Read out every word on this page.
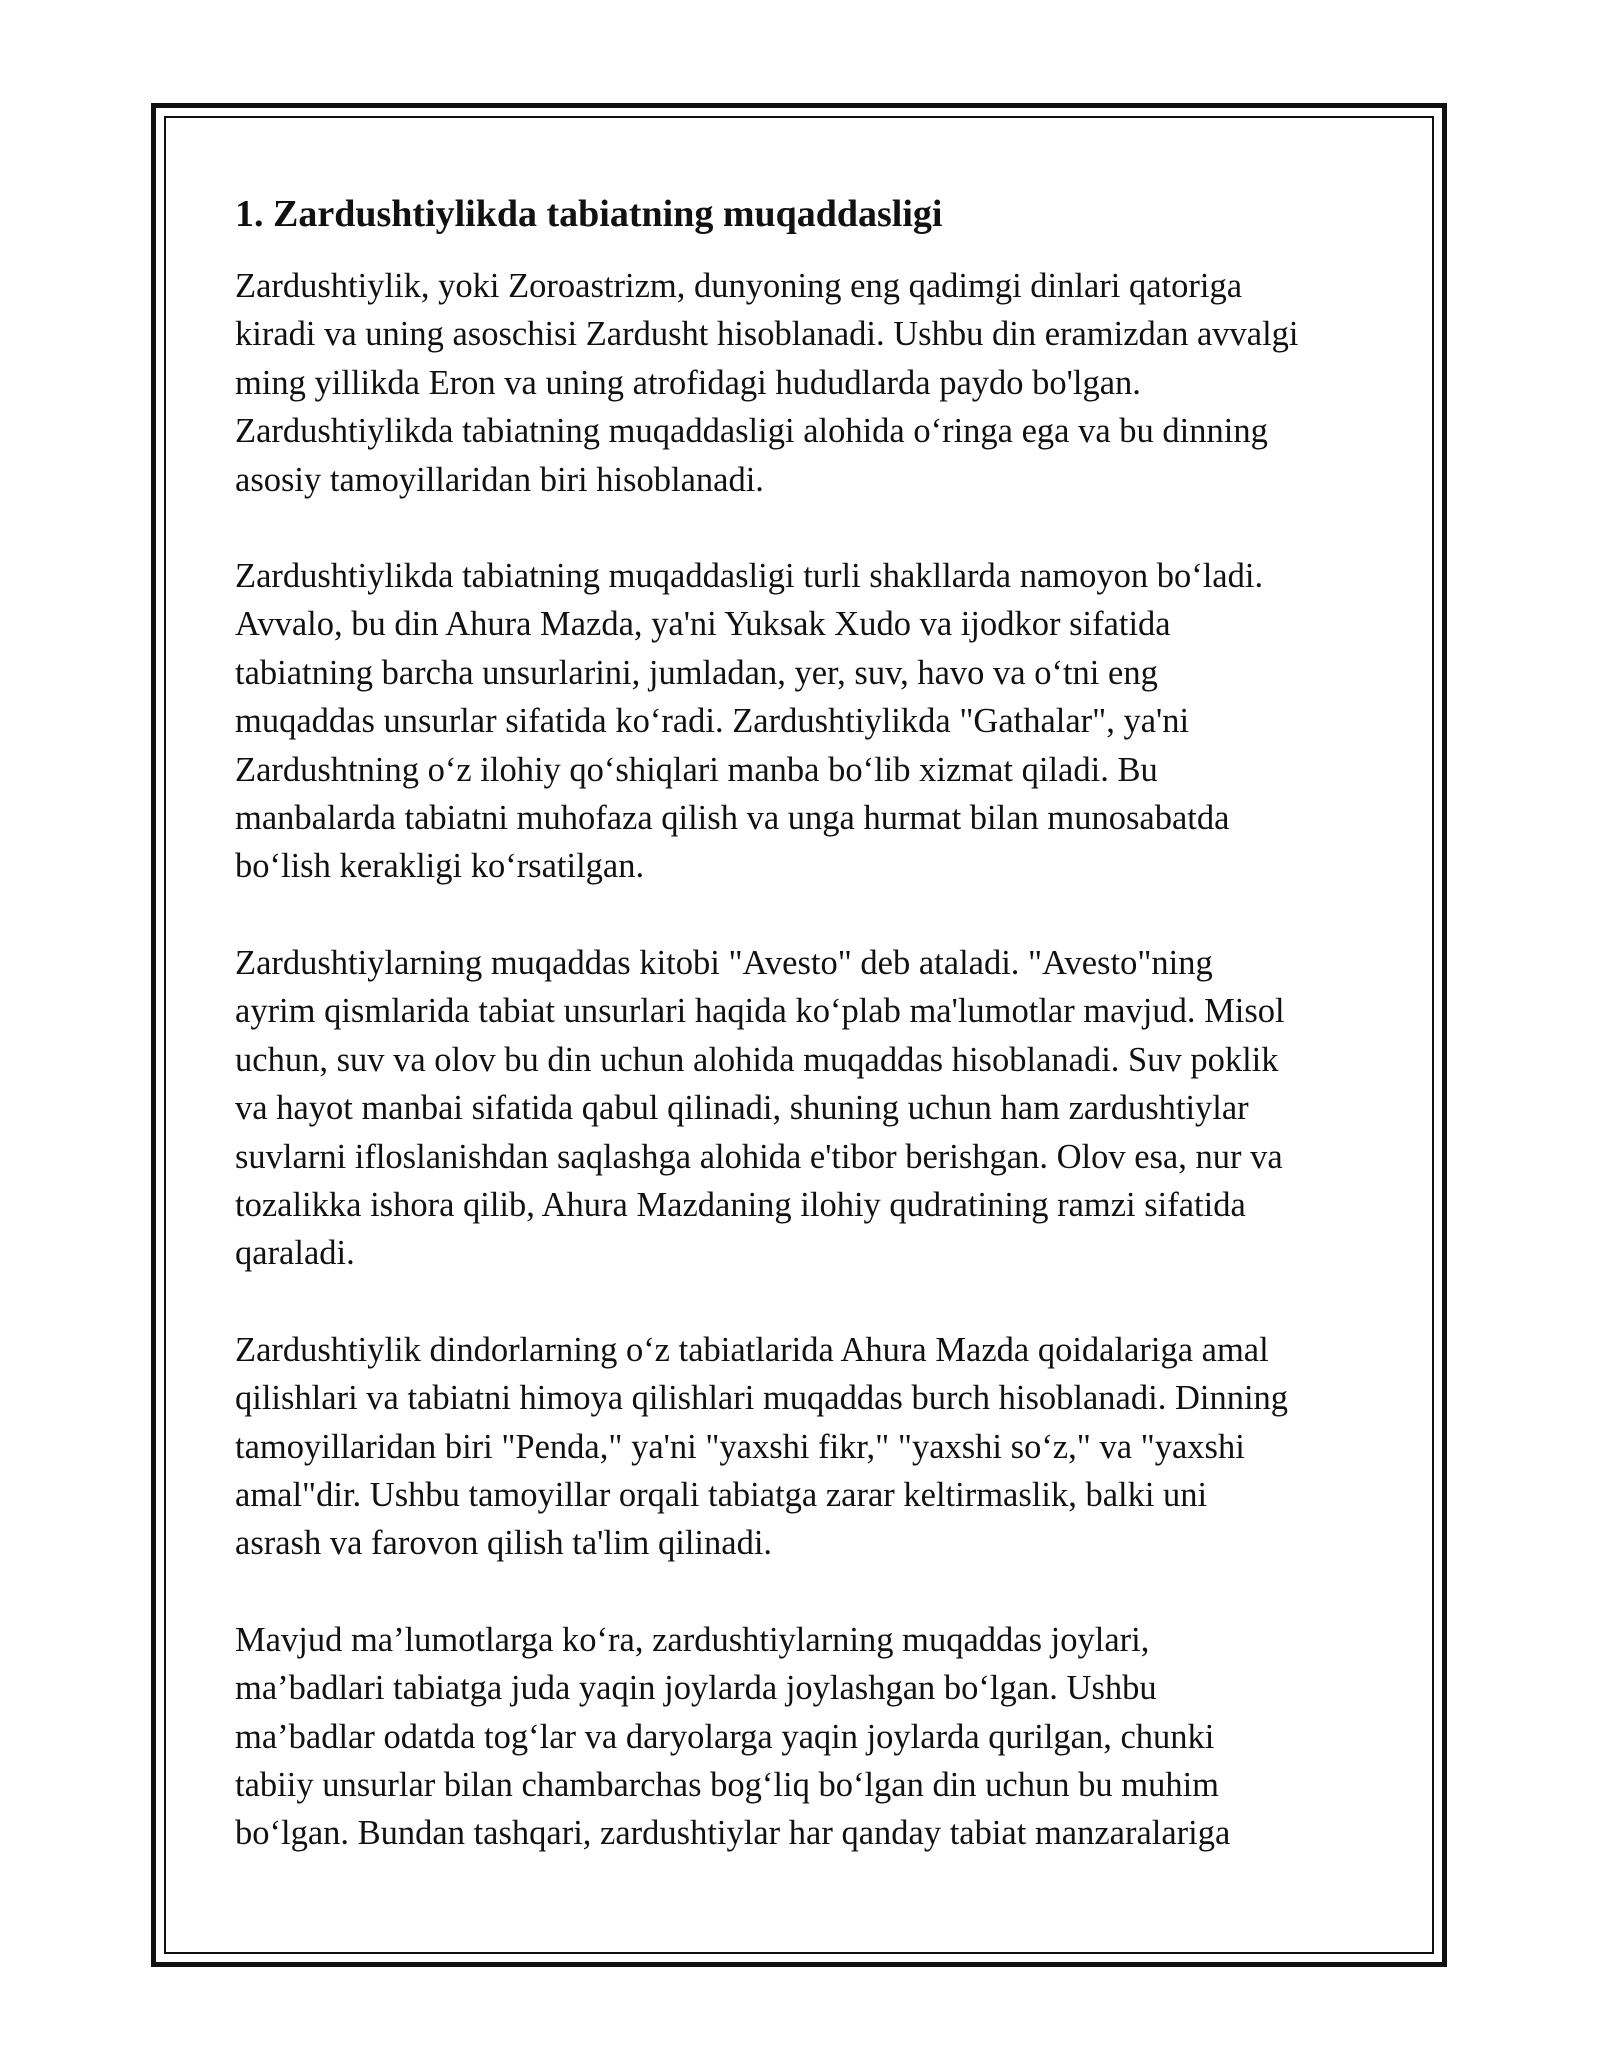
1. Zardushtiylikda tabiatning muqaddasligi

Zardushtiylik, yoki Zoroastrizm, dunyoning eng qadimgi dinlari qatoriga
kiradi va uning asoschisi Zardusht hisoblanadi. Ushbu din eramizdan avvalgi
ming yillikda Eron va uning atrofidagi hududlarda paydo bo'lgan.
Zardushtiylikda tabiatning muqaddasligi alohida o‘ringa ega va bu dinning
asosiy tamoyillaridan biri hisoblanadi.

Zardushtiylikda tabiatning muqaddasligi turli shakllarda namoyon bo‘ladi.
Avvalo, bu din Ahura Mazda, ya'ni Yuksak Xudo va ijodkor sifatida
tabiatning barcha unsurlarini, jumladan, yer, suv, havo va o‘tni eng
muqaddas unsurlar sifatida ko‘radi. Zardushtiylikda "Gathalar", ya'ni
Zardushtning o‘z ilohiy qo‘shiqlari manba bo‘lib xizmat qiladi. Bu
manbalarda tabiatni muhofaza qilish va unga hurmat bilan munosabatda
bo‘lish kerakligi ko‘rsatilgan.

Zardushtiylarning muqaddas kitobi "Avesto" deb ataladi. "Avesto"ning
ayrim qismlarida tabiat unsurlari haqida ko‘plab ma'lumotlar mavjud. Misol
uchun, suv va olov bu din uchun alohida muqaddas hisoblanadi. Suv poklik
va hayot manbai sifatida qabul qilinadi, shuning uchun ham zardushtiylar
suvlarni ifloslanishdan saqlashga alohida e'tibor berishgan. Olov esa, nur va
tozalikka ishora qilib, Ahura Mazdaning ilohiy qudratining ramzi sifatida
qaraladi.

Zardushtiylik dindorlarning o‘z tabiatlarida Ahura Mazda qoidalariga amal
qilishlari va tabiatni himoya qilishlari muqaddas burch hisoblanadi. Dinning
tamoyillaridan biri "Penda," ya'ni "yaxshi fikr," "yaxshi so‘z," va "yaxshi
amal"dir. Ushbu tamoyillar orqali tabiatga zarar keltirmaslik, balki uni
asrash va farovon qilish ta'lim qilinadi.

Mavjud ma’lumotlarga ko‘ra, zardushtiylarning muqaddas joylari,
ma’badlari tabiatga juda yaqin joylarda joylashgan bo‘lgan. Ushbu
ma’badlar odatda tog‘lar va daryolarga yaqin joylarda qurilgan, chunki
tabiiy unsurlar bilan chambarchas bog‘liq bo‘lgan din uchun bu muhim
bo‘lgan. Bundan tashqari, zardushtiylar har qanday tabiat manzaralariga
